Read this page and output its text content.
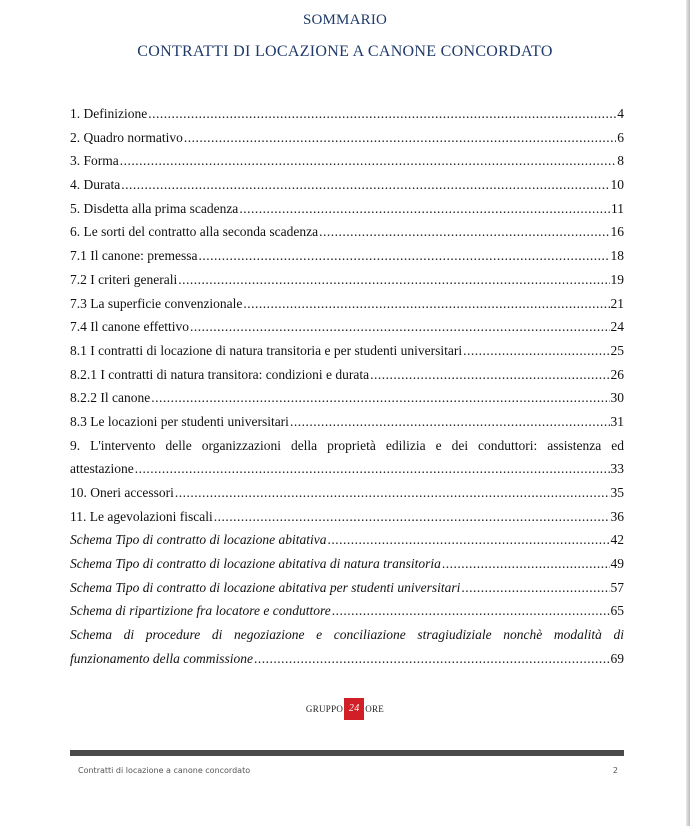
SOMMARIO
CONTRATTI DI LOCAZIONE A CANONE CONCORDATO
1. Definizione .....	4
2. Quadro normativo .....	6
3. Forma .....	8
4. Durata .....	10
5. Disdetta alla prima scadenza .....	11
6. Le sorti del contratto alla seconda scadenza .....	16
7.1 Il canone: premessa .....	18
7.2 I criteri generali .....	19
7.3 La superficie convenzionale .....	21
7.4 Il canone effettivo .....	24
8.1 I contratti di locazione di natura transitoria e per studenti universitari .....	25
8.2.1 I contratti di natura transitora: condizioni e durata .....	26
8.2.2 Il canone .....	30
8.3 Le locazioni per studenti universitari .....	31
9. L'intervento delle organizzazioni della proprietà edilizia e dei conduttori: assistenza ed
attestazione .....	33
10. Oneri accessori .....	35
11. Le agevolazioni fiscali .....	36
Schema Tipo di contratto di locazione abitativa .....	42
Schema Tipo di contratto di locazione abitativa di natura transitoria .....	49
Schema Tipo di contratto di locazione abitativa per studenti universitari .....	57
Schema di ripartizione fra locatore e conduttore .....	65
Schema di procedure di negoziazione e conciliazione stragiudiziale nonchè modalità di
funzionamento della commissione .....	69
GRUPPO 24 ORE
Contratti di locazione a canone concordato	2
